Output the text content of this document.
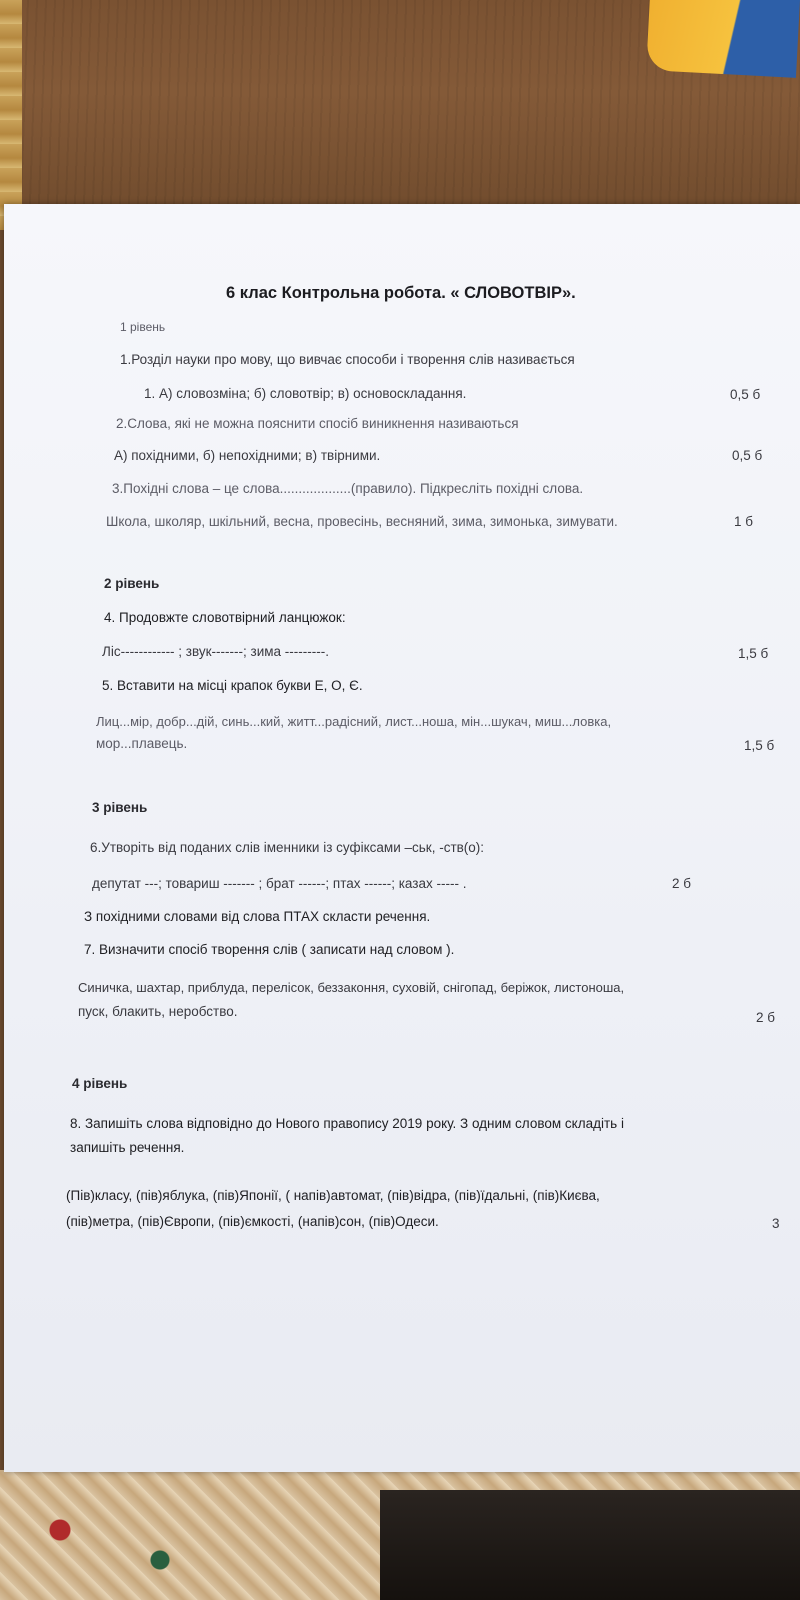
6 клас Контрольна робота. « СЛОВОТВІР».
1 рівень
1.Розділ науки про мову, що вивчає способи і творення слів називається
1. А) словозміна; б) словотвір; в) основоскладання.	0,5 б
2.Слова, які не можна пояснити спосіб виникнення називаються
А) похідними, б) непохідними; в) твірними.	0,5 б
3.Похідні слова – це слова...................(правило). Підкресліть похідні слова.
Школа, школяр, шкільний, весна, провесінь, весняний, зима, зимонька, зимувати.	1 б
2 рівень
4. Продовжте словотвірний ланцюжок:
Ліс------------ ; звук-------; зима ---------.	1,5 б
5. Вставити на місці крапок букви Е, О, Є.
Лиц...мір, добр...дій, синь...кий, житт...радісний, лист...ноша, мін...шукач, миш...ловка,
мор...плавець.	1,5 б
3 рівень
6.Утворіть від поданих слів іменники із суфіксами –ськ, -ств(о):
депутат ---; товариш ------- ; брат ------; птах ------; казах ----- .	2 б
З похідними словами від слова ПТАХ скласти речення.
7. Визначити спосіб творення слів ( записати над словом ).
Синичка, шахтар, приблуда, перелісок, беззаконня, суховій, снігопад, беріжок, листоноша,
пуск, блакить, неробство.	2 б
4 рівень
8. Запишіть слова відповідно до Нового правопису 2019 року. З одним словом складіть і
запишіть речення.
(Пів)класу, (пів)яблука, (пів)Японії, ( напів)автомат, (пів)відра, (пів)їдальні, (пів)Києва,
(пів)метра, (пів)Європи, (пів)ємкості, (напів)сон, (пів)Одеси.	3
